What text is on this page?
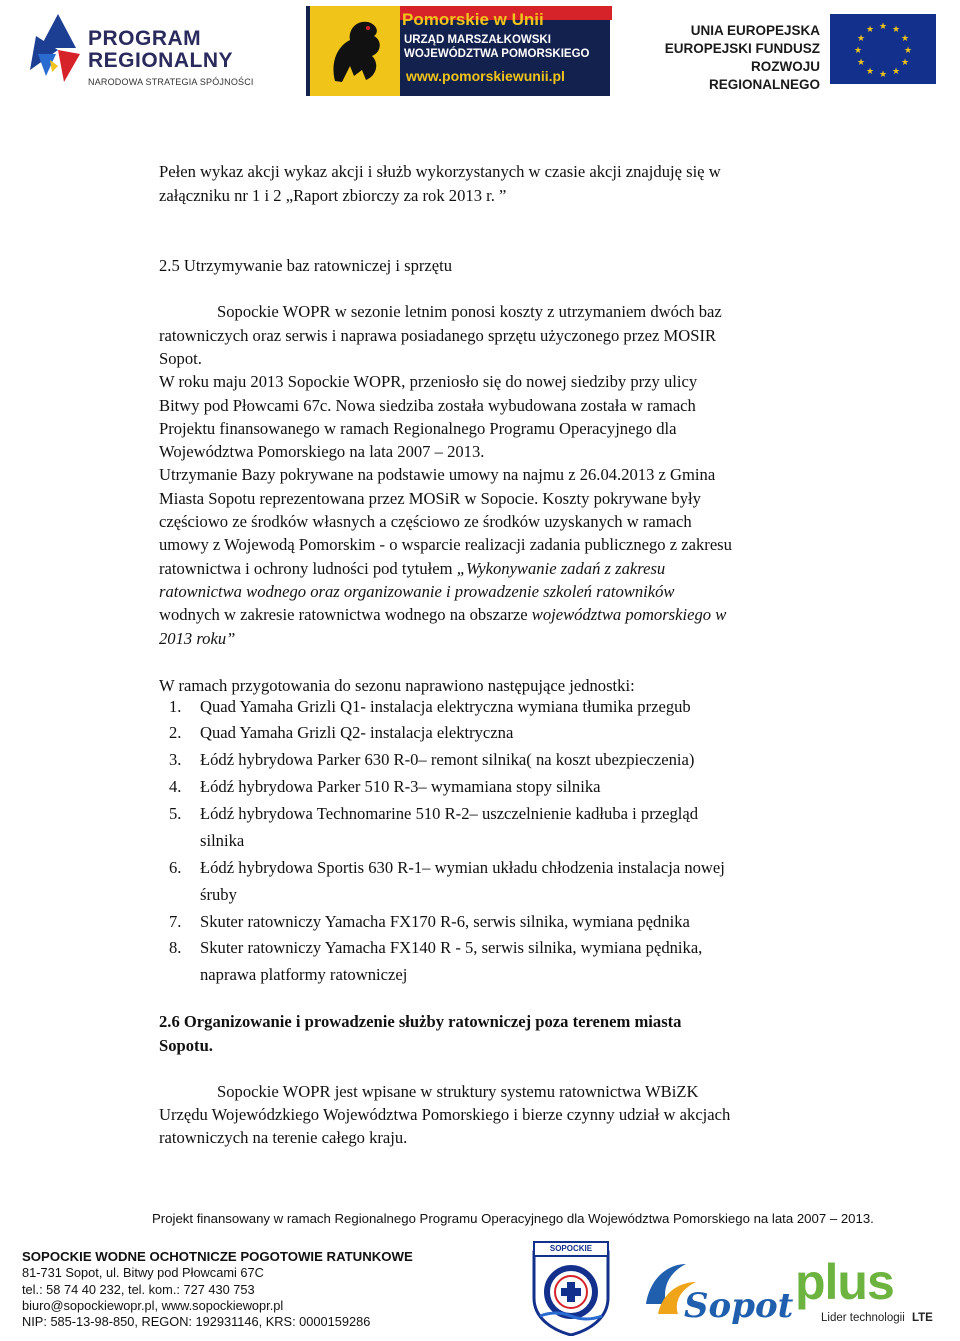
PROGRAM
REGIONALNY
NARODOWA STRATEGIA SPÓJNOŚCI
Pomorskie w Unii
URZĄD MARSZAŁKOWSKI
WOJEWÓDZTWA POMORSKIEGO
www.pomorskiewunii.pl
UNIA EUROPEJSKA
EUROPEJSKI FUNDUSZ
ROZWOJU REGIONALNEGO
★ ★
★
★
★
★
★
★
★
★
★
★
Pełen wykaz akcji wykaz akcji i służb wykorzystanych w czasie akcji znajduję się w
załączniku nr 1 i 2 „Raport zbiorczy za rok 2013 r. ”
2.5 Utrzymywanie baz ratowniczej i sprzętu
Sopockie WOPR w sezonie letnim ponosi koszty z utrzymaniem dwóch baz
ratowniczych oraz serwis i naprawa posiadanego sprzętu użyczonego przez MOSIR
Sopot.
W roku maju 2013 Sopockie WOPR, przeniosło się do nowej siedziby przy ulicy
Bitwy pod Płowcami 67c. Nowa siedziba została wybudowana została w ramach
Projektu finansowanego w ramach Regionalnego Programu Operacyjnego dla
Województwa Pomorskiego na lata 2007 – 2013.
Utrzymanie Bazy pokrywane na podstawie umowy na najmu z 26.04.2013 z Gmina
Miasta Sopotu reprezentowana przez MOSiR w Sopocie. Koszty pokrywane były
częściowo ze środków własnych a częściowo ze środków uzyskanych w ramach
umowy z Wojewodą Pomorskim - o wsparcie realizacji zadania publicznego z zakresu
ratownictwa i ochrony ludności pod tytułem „Wykonywanie zadań z zakresu
ratownictwa wodnego oraz organizowanie i prowadzenie szkoleń ratowników
wodnych w zakresie ratownictwa wodnego na obszarze województwa pomorskiego w
2013 roku”
W ramach przygotowania do sezonu naprawiono następujące jednostki:
1.	Quad Yamaha Grizli Q1- instalacja elektryczna wymiana tłumika przegub
2.	Quad Yamaha Grizli Q2- instalacja elektryczna
3.	Łódź hybrydowa Parker 630 R-0– remont silnika( na koszt ubezpieczenia)
4.	Łódź hybrydowa Parker 510 R-3– wymamiana stopy silnika
5.	Łódź hybrydowa Technomarine 510 R-2– uszczelnienie kadłuba i przegląd
silnika
6.	Łódź hybrydowa Sportis 630 R-1– wymian układu chłodzenia instalacja nowej
śruby
7.	Skuter ratowniczy Yamacha FX170 R-6, serwis silnika, wymiana pędnika
8.	Skuter ratowniczy Yamacha FX140 R - 5, serwis silnika, wymiana pędnika,
naprawa platformy ratowniczej
2.6 Organizowanie i prowadzenie służby ratowniczej poza terenem miasta
Sopotu.
Sopockie WOPR jest wpisane w struktury systemu ratownictwa WBiZK
Urzędu Wojewódzkiego Województwa Pomorskiego i bierze czynny udział w akcjach
ratowniczych na terenie całego kraju.
Projekt finansowany w ramach Regionalnego Programu Operacyjnego dla Województwa Pomorskiego na lata 2007 – 2013.
SOPOCKIE WODNE OCHOTNICZE POGOTOWIE RATUNKOWE
81-731 Sopot, ul. Bitwy pod Płowcami 67C
tel.: 58 74 40 232, tel. kom.: 727 430 753
biuro@sopockiewopr.pl, www.sopockiewopr.pl
NIP: 585-13-98-850, REGON: 192931146, KRS: 0000159286
SOPOCKIE
Sopot plus
Lider technologii LTE
